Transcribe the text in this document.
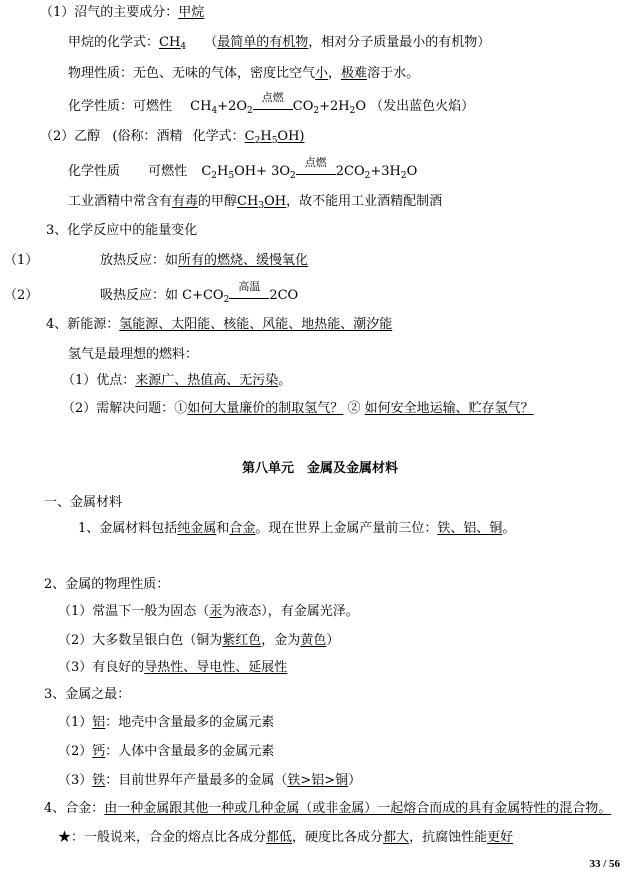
（1）沼气的主要成分：甲烷
甲烷的化学式：$CH_4$ （最简单的有机物，相对分子质量最小的有机物）
物理性质：无色、无味的气体，密度比空气小，极难溶于水。
化学性质：可燃性 $CH_4+2O_2$
点燃
$CO_2+2H_2O$ （发出蓝色火焰）
（2）乙醇 (俗称：酒精 化学式：$C_2H_5OH$)
化学性质 可燃性 $C_2H_5OH+ 3O_2$
点燃
$2CO_2+3H_2O$
工业酒精中常含有有毒的甲醇$CH_3OH$，故不能用工业酒精配制酒
3、化学反应中的能量变化
（1）	放热反应：如所有的燃烧、缓慢氧化
（2）	吸热反应：如 $C+CO_2$
高温
2CO
4、新能源：氢能源、太阳能、核能、风能、地热能、潮汐能
氢气是最理想的燃料：
（1）优点：来源广、热值高、无污染。
（2）需解决问题：①如何大量廉价的制取氢气？ ② 如何安全地运输、贮存氢气？
第八单元　金属及金属材料
一、金属材料
1、金属材料包括纯金属和合金。现在世界上金属产量前三位：铁、铝、铜。
2、金属的物理性质：
（1）常温下一般为固态（汞为液态），有金属光泽。
（2）大多数呈银白色（铜为紫红色，金为黄色）
（3）有良好的导热性、导电性、延展性
3、金属之最：
（1）铝：地壳中含量最多的金属元素
（2）钙：人体中含量最多的金属元素
（3）铁：目前世界年产量最多的金属（铁>铝>铜）
4、合金：由一种金属跟其他一种或几种金属（或非金属）一起熔合而成的具有金属特性的混合物。
★：一般说来，合金的熔点比各成分都低，硬度比各成分都大，抗腐蚀性能更好
33 / 56
